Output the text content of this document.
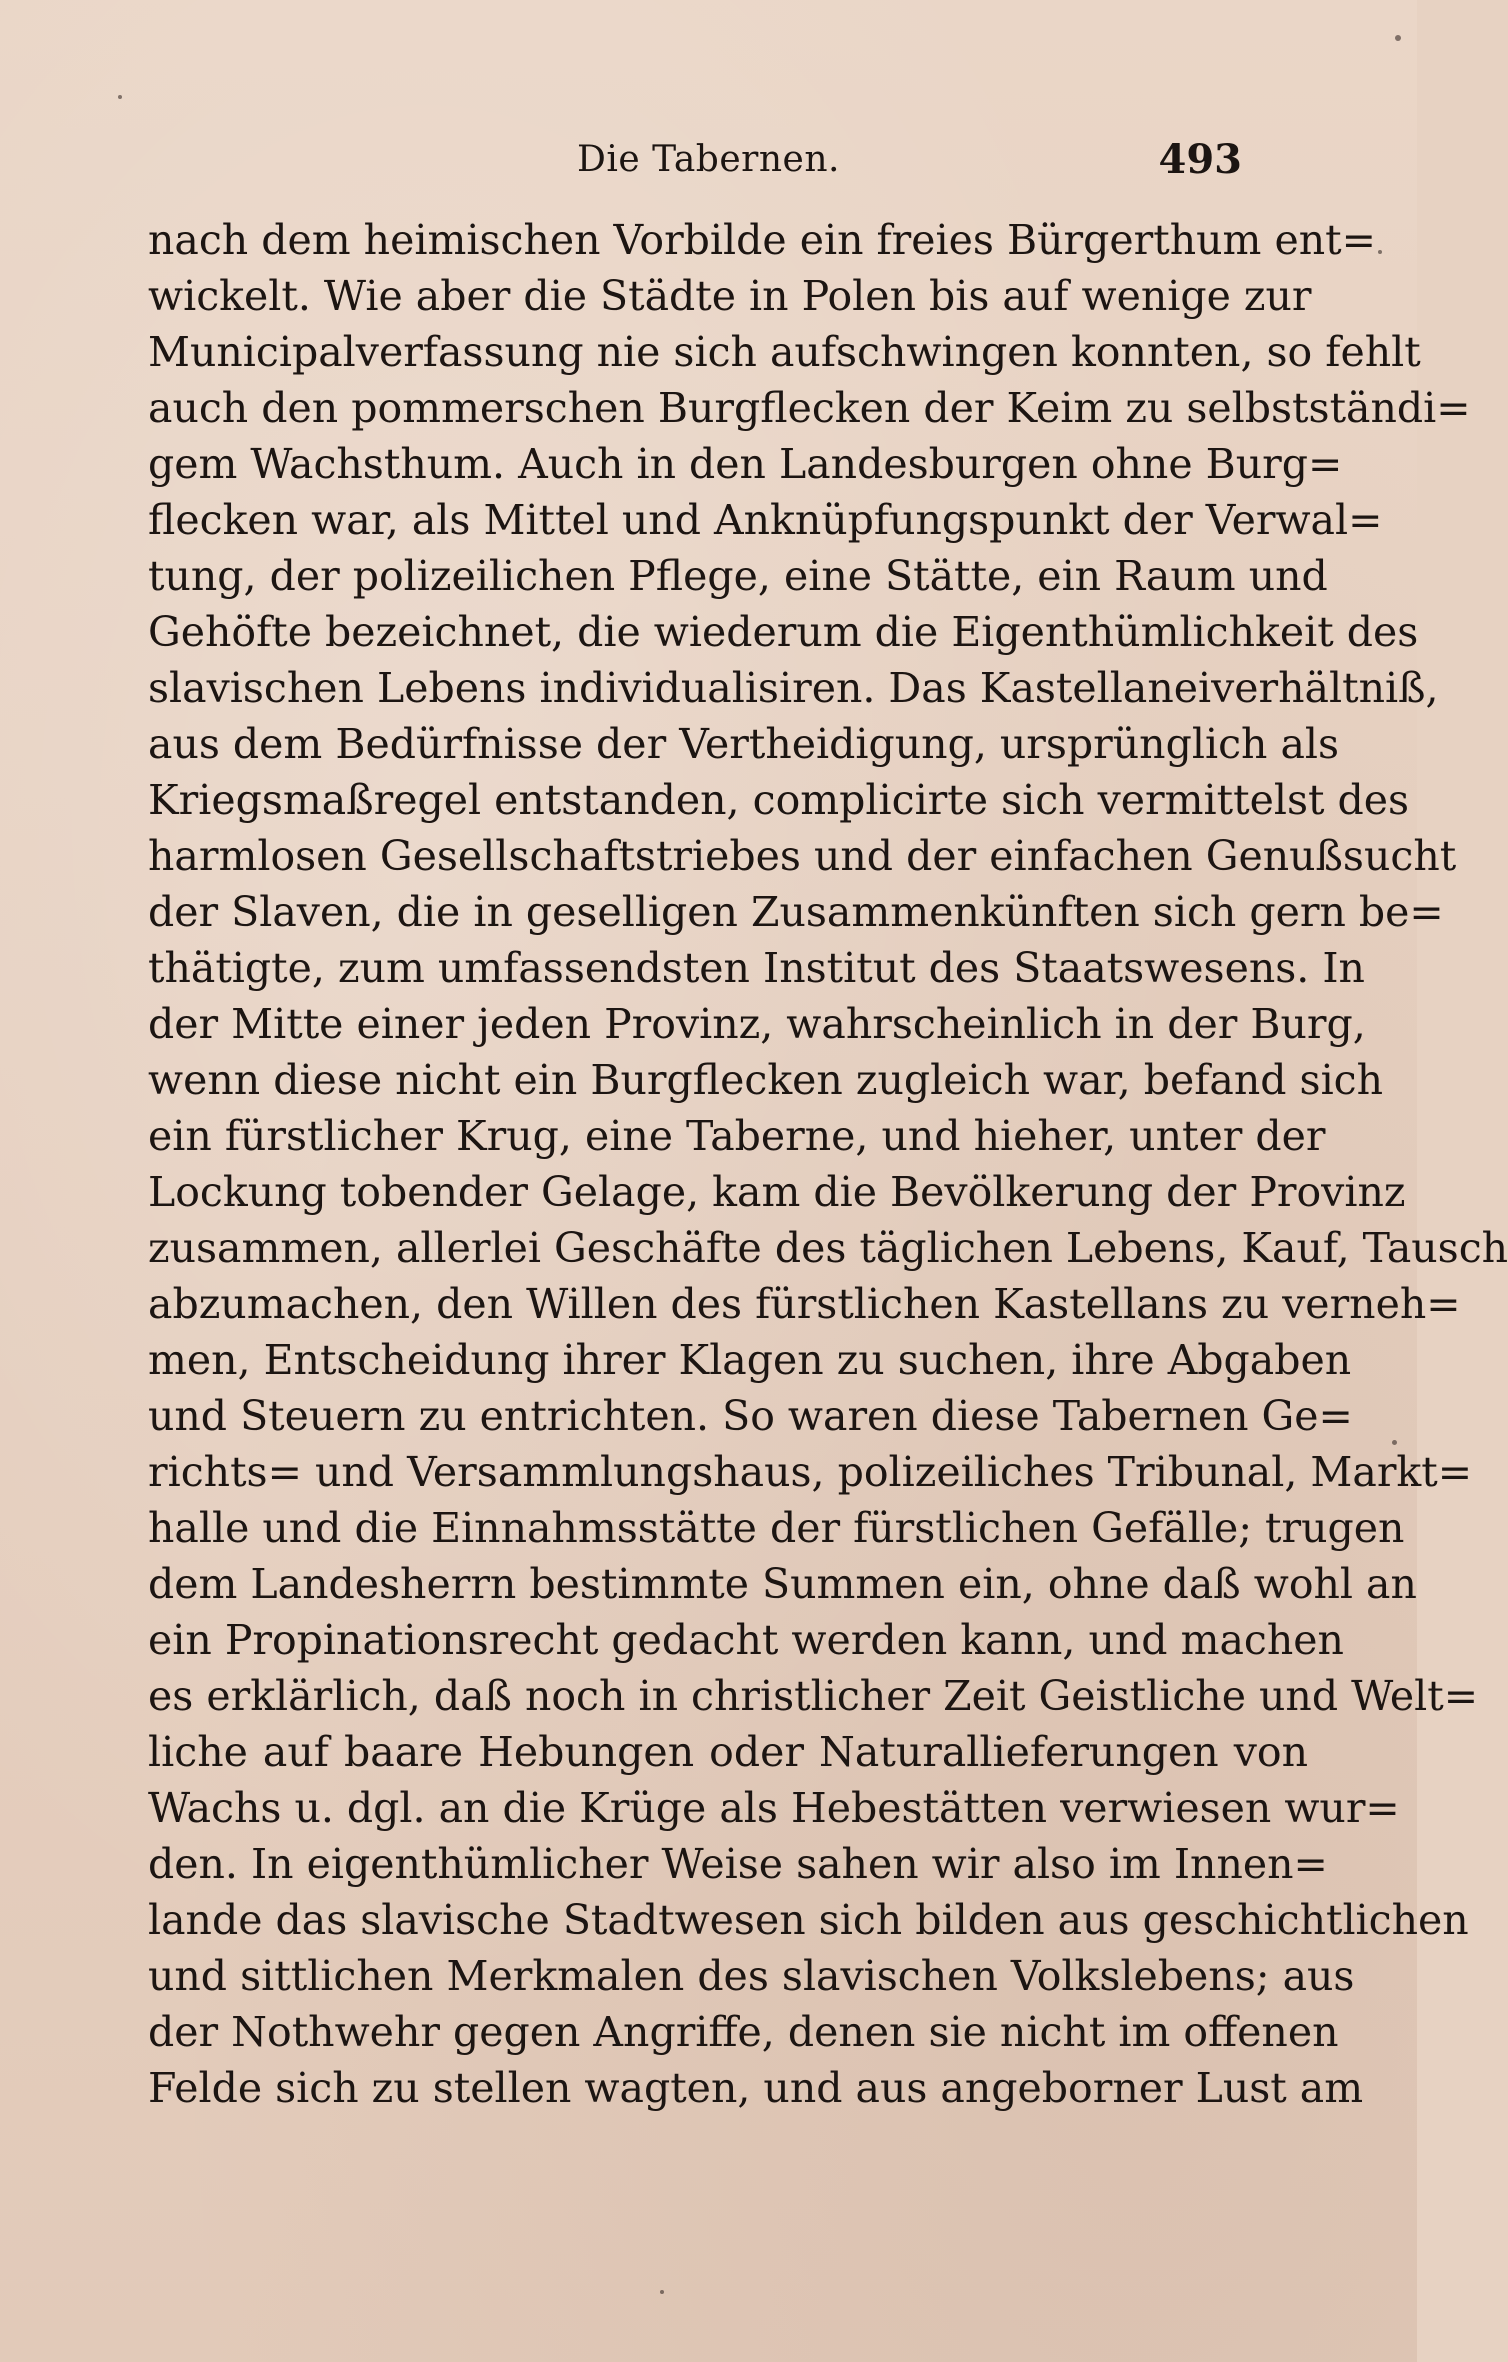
Die Tabernen.	493
nach dem heimischen Vorbilde ein freies Bürgerthum ent=
wickelt. Wie aber die Städte in Polen bis auf wenige zur
Municipalverfassung nie sich aufschwingen konnten, so fehlt
auch den pommerschen Burgflecken der Keim zu selbstständi=
gem Wachsthum. Auch in den Landesburgen ohne Burg=
flecken war, als Mittel und Anknüpfungspunkt der Verwal=
tung, der polizeilichen Pflege, eine Stätte, ein Raum und
Gehöfte bezeichnet, die wiederum die Eigenthümlichkeit des
slavischen Lebens individualisiren. Das Kastellaneiverhältniß,
aus dem Bedürfnisse der Vertheidigung, ursprünglich als
Kriegsmaßregel entstanden, complicirte sich vermittelst des
harmlosen Gesellschaftstriebes und der einfachen Genußsucht
der Slaven, die in geselligen Zusammenkünften sich gern be=
thätigte, zum umfassendsten Institut des Staatswesens. In
der Mitte einer jeden Provinz, wahrscheinlich in der Burg,
wenn diese nicht ein Burgflecken zugleich war, befand sich
ein fürstlicher Krug, eine Taberne, und hieher, unter der
Lockung tobender Gelage, kam die Bevölkerung der Provinz
zusammen, allerlei Geschäfte des täglichen Lebens, Kauf, Tausch
abzumachen, den Willen des fürstlichen Kastellans zu verneh=
men, Entscheidung ihrer Klagen zu suchen, ihre Abgaben
und Steuern zu entrichten. So waren diese Tabernen Ge=
richts= und Versammlungshaus, polizeiliches Tribunal, Markt=
halle und die Einnahmsstätte der fürstlichen Gefälle; trugen
dem Landesherrn bestimmte Summen ein, ohne daß wohl an
ein Propinationsrecht gedacht werden kann, und machen
es erklärlich, daß noch in christlicher Zeit Geistliche und Welt=
liche auf baare Hebungen oder Naturallieferungen von
Wachs u. dgl. an die Krüge als Hebestätten verwiesen wur=
den. In eigenthümlicher Weise sahen wir also im Innen=
lande das slavische Stadtwesen sich bilden aus geschichtlichen
und sittlichen Merkmalen des slavischen Volkslebens; aus
der Nothwehr gegen Angriffe, denen sie nicht im offenen
Felde sich zu stellen wagten, und aus angeborner Lust am
